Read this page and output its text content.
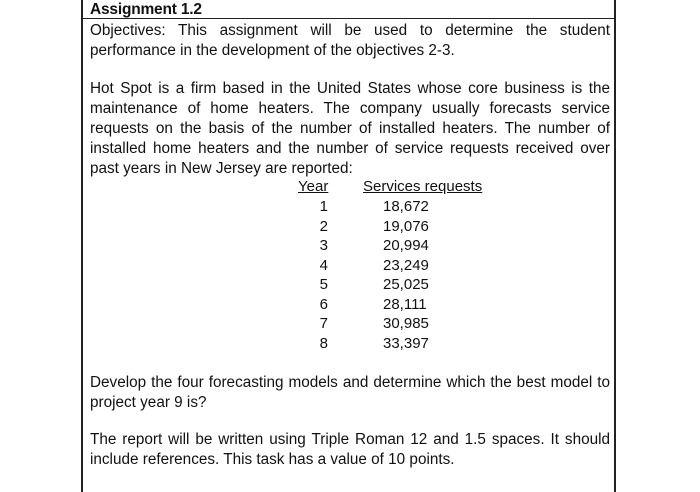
Assignment 1.2
Objectives: This assignment will be used to determine the student performance in the development of the objectives 2-3.
Hot Spot is a firm based in the United States whose core business is the maintenance of home heaters. The company usually forecasts service requests on the basis of the number of installed heaters. The number of installed home heaters and the number of service requests received over past years in New Jersey are reported:
Year Services requests
1
2
3
4
5
6
7
8
18,672
19,076
20,994
23,249
25,025
28,111
30,985
33,397
Develop the four forecasting models and determine which the best model to project year 9 is?
The report will be written using Triple Roman 12 and 1.5 spaces. It should include references. This task has a value of 10 points.
